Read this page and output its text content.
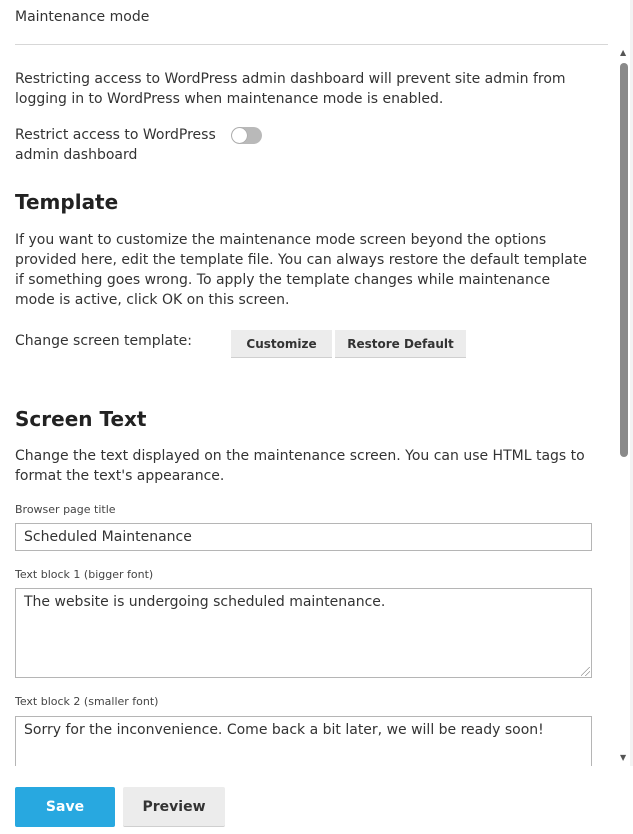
Maintenance mode

Restricting access to WordPress admin dashboard will prevent site admin from logging in to WordPress when maintenance mode is enabled.

Restrict access to WordPress
admin dashboard
Template

If you want to customize the maintenance mode screen beyond the options provided here, edit the template file. You can always restore the default template if something goes wrong. To apply the template changes while maintenance mode is active, click OK on this screen.

Change screen template:	Customize	Restore Default
Screen Text

Change the text displayed on the maintenance screen. You can use HTML tags to format the text's appearance.

Browser page title
Scheduled Maintenance
Text block 1 (bigger font)
The website is undergoing scheduled maintenance.
Text block 2 (smaller font)
Sorry for the inconvenience. Come back a bit later, we will be ready soon!
▲
▼
Save	Preview
